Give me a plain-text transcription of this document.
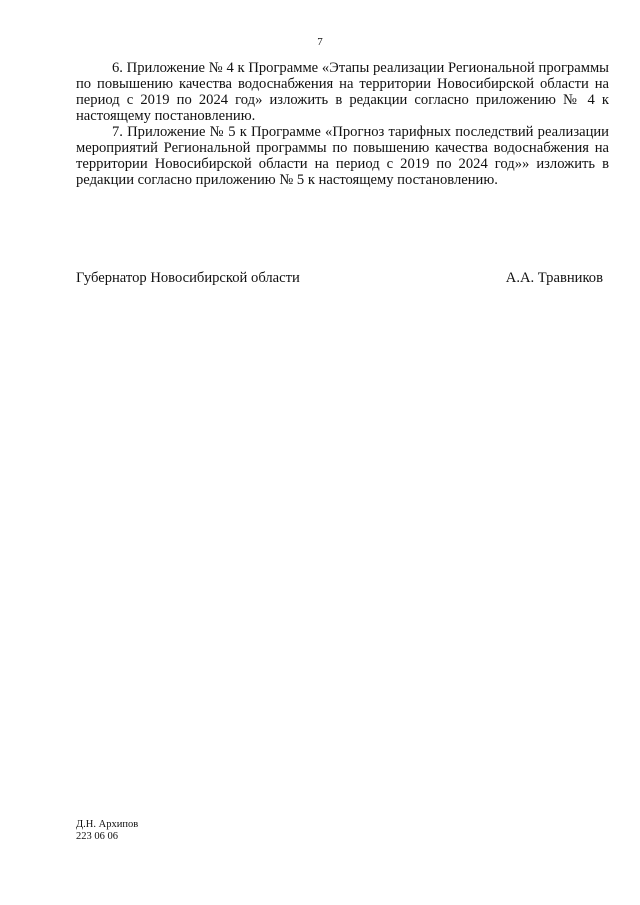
7

6. Приложение № 4 к Программе «Этапы реализации Региональной программы по повышению качества водоснабжения на территории Новосибирской области на период с 2019 по 2024 год» изложить в редакции согласно приложению № 4 к настоящему постановлению.

7. Приложение № 5 к Программе «Прогноз тарифных последствий реализации мероприятий Региональной программы по повышению качества водоснабжения на территории Новосибирской области на период с 2019 по 2024 год»» изложить в редакции согласно приложению № 5 к настоящему постановлению.

Губернатор Новосибирской области	А.А. Травников
Д.Н. Архипов
223 06 06
